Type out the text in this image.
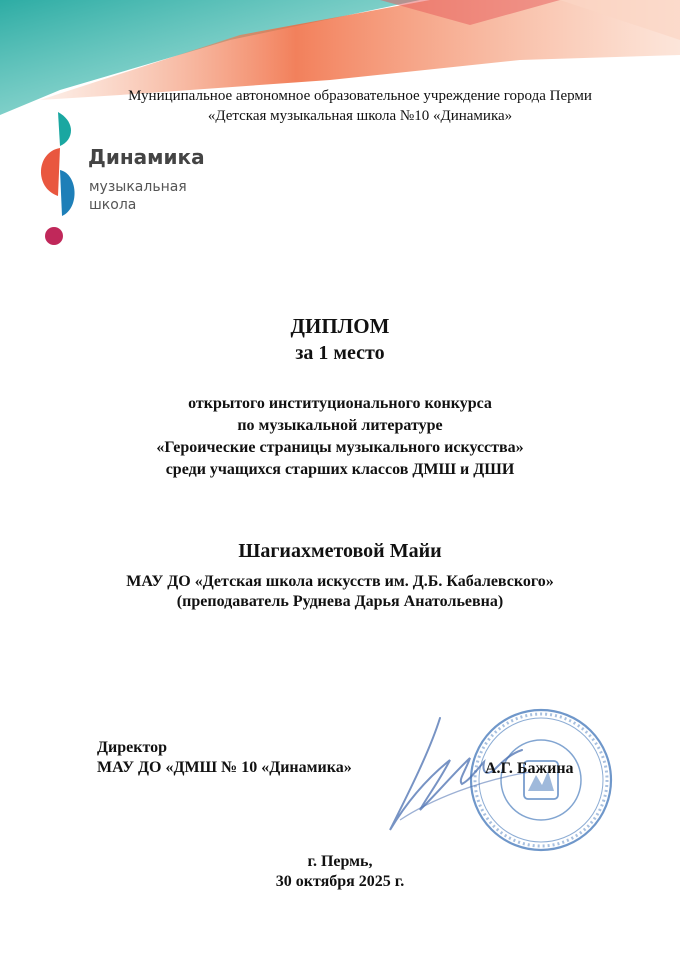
Муниципальное автономное образовательное учреждение города Перми
«Детская музыкальная школа №10 «Динамика»
Динамика
музыкальная
школа
ДИПЛОМ
за 1 место
открытого институционального конкурса
по музыкальной литературе
«Героические страницы музыкального искусства»
среди учащихся старших классов ДМШ и ДШИ
Шагиахметовой Майи
МАУ ДО «Детская школа искусств им. Д.Б. Кабалевского»
(преподаватель Руднева Дарья Анатольевна)
Директор
МАУ ДО «ДМШ № 10 «Динамика»	А.Г. Бажина
г. Пермь,
30 октября 2025 г.
